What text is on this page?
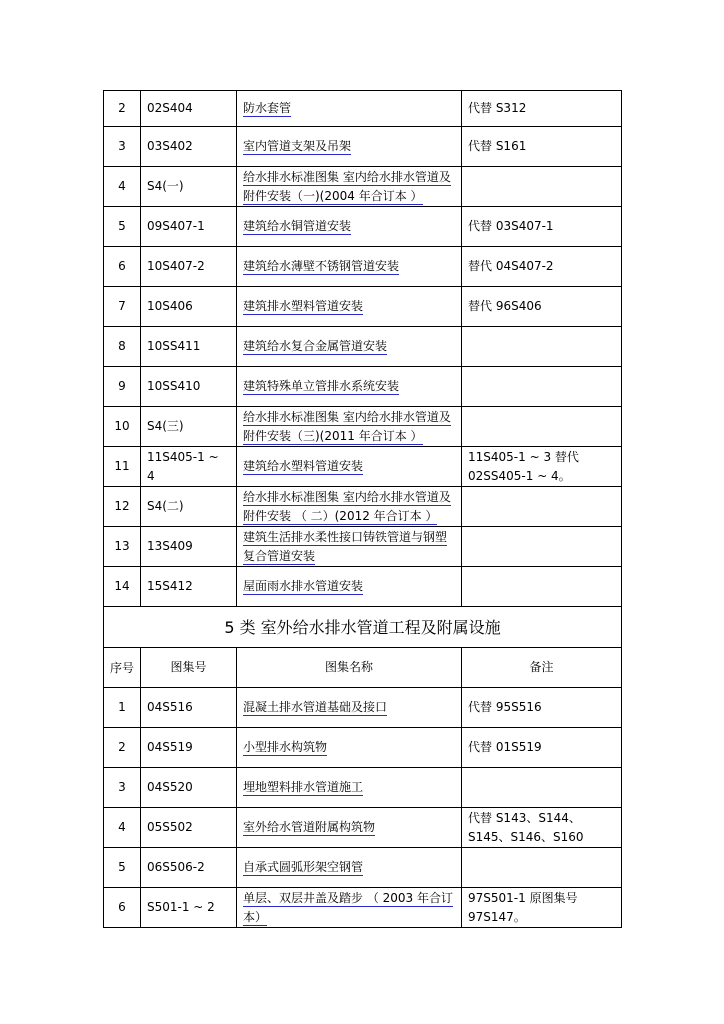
2	02S404	防水套管	代替 S312
3	03S402	室内管道支架及吊架	代替 S161
4	S4(一)	给水排水标准图集 室内给水排水管道及附件安装（一)(2004 年合订本 ）	
5	09S407-1	建筑给水铜管道安装	代替 03S407-1
6	10S407-2	建筑给水薄壁不锈钢管道安装	替代 04S407-2
7	10S406	建筑排水塑料管道安装	替代 96S406
8	10SS411	建筑给水复合金属管道安装	
9	10SS410	建筑特殊单立管排水系统安装	
10	S4(三)	给水排水标准图集 室内给水排水管道及附件安装（三)(2011 年合订本 ）	
11	11S405-1 ~ 4	建筑给水塑料管道安装	11S405-1 ~ 3 替代 02SS405-1 ~ 4。
12	S4(二)	给水排水标准图集 室内给水排水管道及附件安装 （ 二）(2012 年合订本 ）	
13	13S409	建筑生活排水柔性接口铸铁管道与钢塑复合管道安装	
14	15S412	屋面雨水排水管道安装	
5 类 室外给水排水管道工程及附属设施			
序号	图集号	图集名称	备注
1	04S516	混凝土排水管道基础及接口	代替 95S516
2	04S519	小型排水构筑物	代替 01S519
3	04S520	埋地塑料排水管道施工	
4	05S502	室外给水管道附属构筑物	代替 S143、S144、S145、S146、S160
5	06S506-2	自承式圆弧形架空钢管	
6	S501-1 ~ 2	单层、双层井盖及踏步 （ 2003 年合订本）	97S501-1 原图集号 97S147。
